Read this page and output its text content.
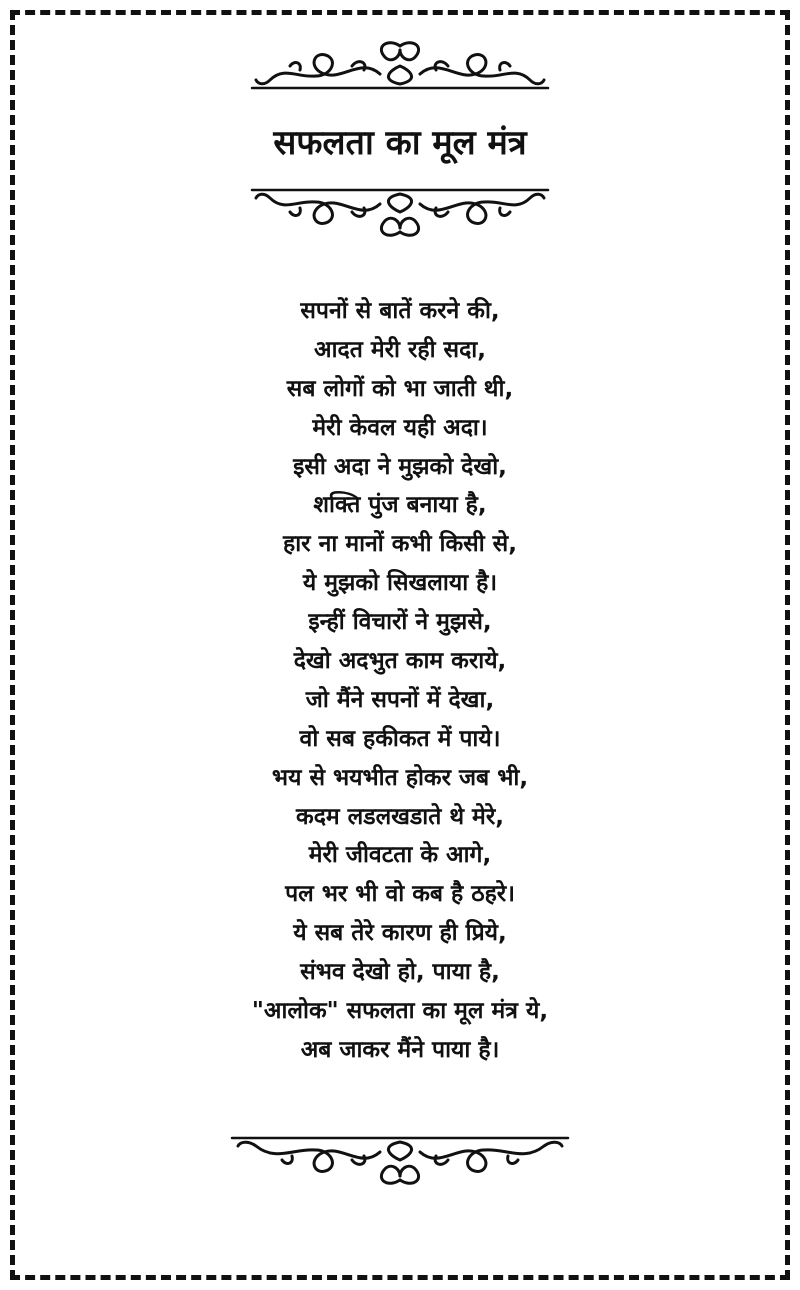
सफलता का मूल मंत्र
सपनों से बातें करने की,
आदत मेरी रही सदा,
सब लोगों को भा जाती थी,
मेरी केवल यही अदा।
इसी अदा ने मुझको देखो,
शक्ति पुंज बनाया है,
हार ना मानों कभी किसी से,
ये मुझको सिखलाया है।
इन्हीं विचारों ने मुझसे,
देखो अदभुत काम कराये,
जो मैंने सपनों में देखा,
वो सब हकीकत में पाये।
भय से भयभीत होकर जब भी,
कदम लडलखडाते थे मेरे,
मेरी जीवटता के आगे,
पल भर भी वो कब है ठहरे।
ये सब तेरे कारण ही प्रिये,
संभव देखो हो, पाया है,
"आलोक" सफलता का मूल मंत्र ये,
अब जाकर मैंने पाया है।
